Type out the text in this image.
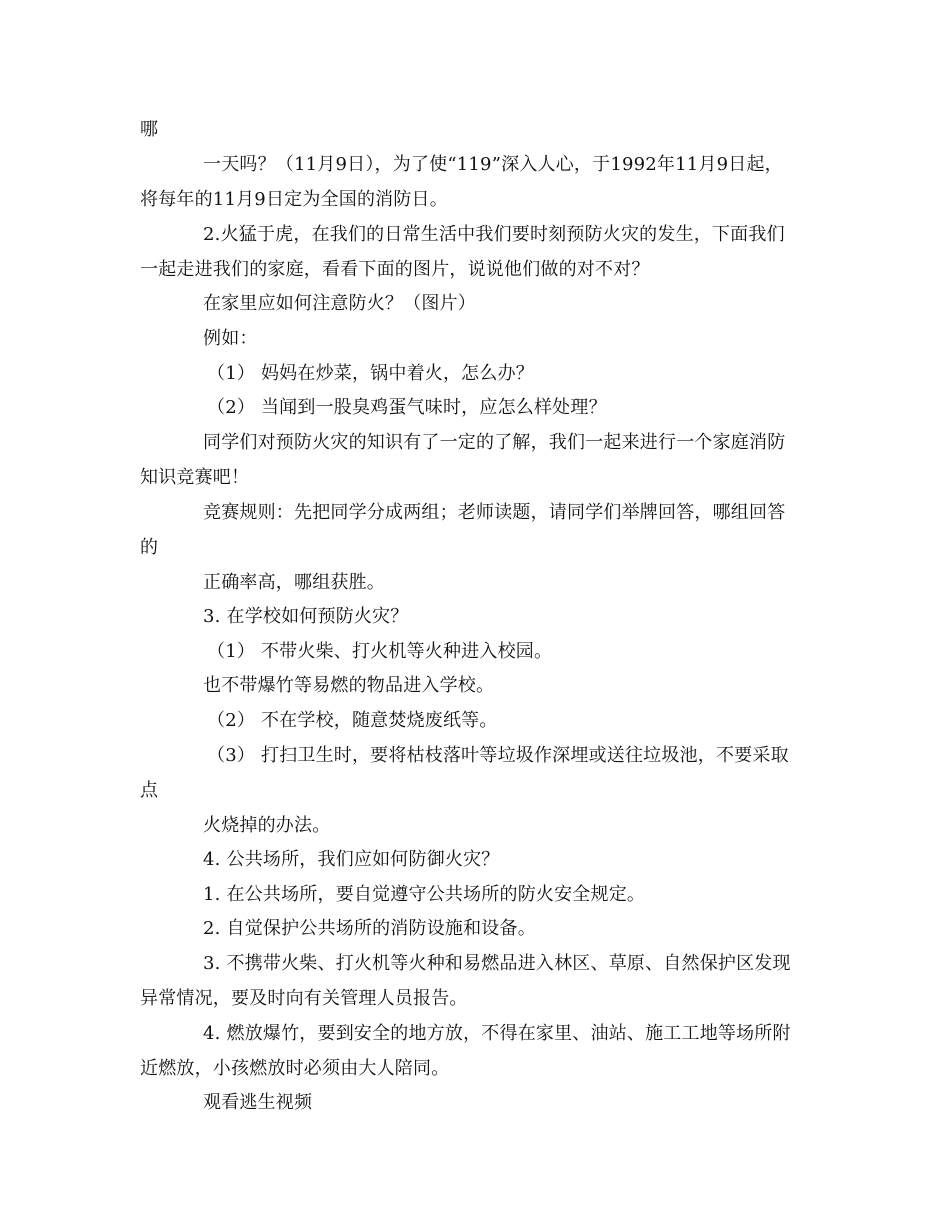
哪
一天吗？（11月9日），为了使“119”深入人心，于1992年11月9日起，
将每年的11月9日定为全国的消防日。
2.火猛于虎，在我们的日常生活中我们要时刻预防火灾的发生，下面我们
一起走进我们的家庭，看看下面的图片，说说他们做的对不对？
在家里应如何注意防火？（图片）
例如：
（1） 妈妈在炒菜，锅中着火，怎么办？
（2） 当闻到一股臭鸡蛋气味时，应怎么样处理？
同学们对预防火灾的知识有了一定的了解，我们一起来进行一个家庭消防
知识竞赛吧！
竞赛规则：先把同学分成两组；老师读题，请同学们举牌回答，哪组回答
的
正确率高，哪组获胜。
3. 在学校如何预防火灾？
（1） 不带火柴、打火机等火种进入校园。
也不带爆竹等易燃的物品进入学校。
（2） 不在学校，随意焚烧废纸等。
（3） 打扫卫生时，要将枯枝落叶等垃圾作深埋或送往垃圾池，不要采取
点
火烧掉的办法。
4. 公共场所，我们应如何防御火灾？
1. 在公共场所，要自觉遵守公共场所的防火安全规定。
2. 自觉保护公共场所的消防设施和设备。
3. 不携带火柴、打火机等火种和易燃品进入林区、草原、自然保护区发现
异常情况，要及时向有关管理人员报告。
4. 燃放爆竹，要到安全的地方放，不得在家里、油站、施工工地等场所附
近燃放，小孩燃放时必须由大人陪同。
观看逃生视频
